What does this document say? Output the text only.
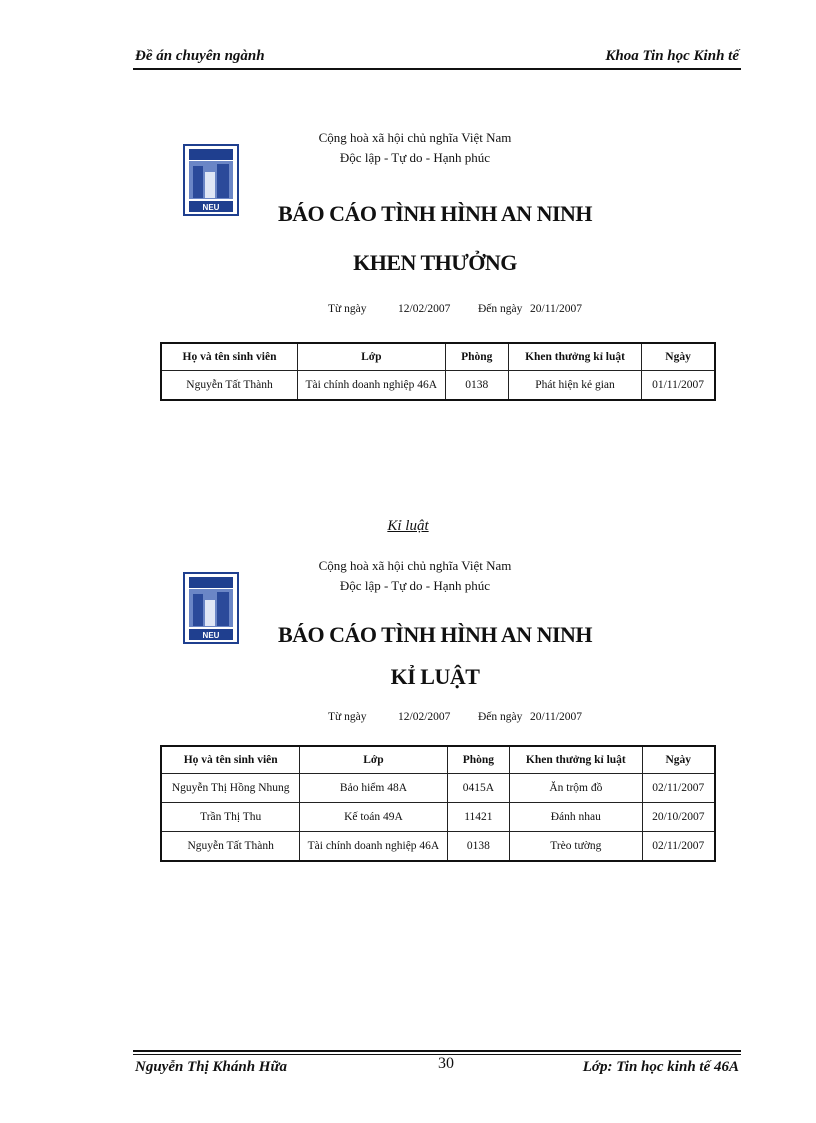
Đề án chuyên ngành	Khoa Tin học Kinh tế
NEU
Cộng hoà xã hội chủ nghĩa Việt Nam
Độc lập - Tự do - Hạnh phúc
BÁO CÁO TÌNH HÌNH AN NINH
KHEN THƯỞNG
Từ ngày	12/02/2007 Đến ngày 20/11/2007
Họ và tên sinh viên	Lớp	Phòng	Khen thưởng kỉ luật	Ngày
Nguyễn Tất Thành	Tài chính doanh nghiệp 46A	0138	Phát hiện kẻ gian	01/11/2007
Kỉ luật
NEU
Cộng hoà xã hội chủ nghĩa Việt Nam
Độc lập - Tự do - Hạnh phúc
BÁO CÁO TÌNH HÌNH AN NINH
KỈ LUẬT
Từ ngày	12/02/2007 Đến ngày 20/11/2007
Họ và tên sinh viên	Lớp	Phòng	Khen thưởng kỉ luật	Ngày
Nguyễn Thị Hồng Nhung	Bảo hiểm 48A	0415A	Ăn trộm đồ	02/11/2007
Trần Thị Thu	Kế toán 49A	11421	Đánh nhau	20/10/2007
Nguyễn Tất Thành	Tài chính doanh nghiệp 46A	0138	Trèo tường	02/11/2007
Nguyễn Thị Khánh Hữa	30	Lớp: Tin học kinh tế 46A
